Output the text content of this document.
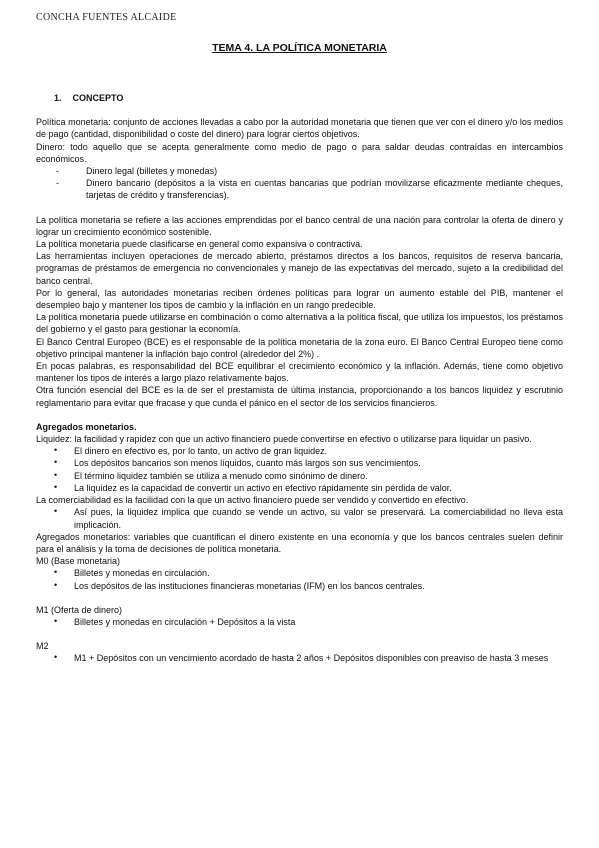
CONCHA FUENTES ALCAIDE
TEMA 4. LA POLÍTICA MONETARIA
1. CONCEPTO

Política monetaria: conjunto de acciones llevadas a cabo por la autoridad monetaria que tienen que ver con el dinero y/o los medios de pago (cantidad, disponibilidad o coste del dinero) para lograr ciertos objetivos.

Dinero: todo aquello que se acepta generalmente como medio de pago o para saldar deudas contraídas en intercambios económicos.

-	Dinero legal (billetes y monedas)
-	Dinero bancario (depósitos a la vista en cuentas bancarias que podrían movilizarse eficazmente mediante cheques, tarjetas de crédito y transferencias).

La política monetaria se refiere a las acciones emprendidas por el banco central de una nación para controlar la oferta de dinero y lograr un crecimiento económico sostenible.

La política monetaria puede clasificarse en general como expansiva o contractiva.

Las herramientas incluyen operaciones de mercado abierto, préstamos directos a los bancos, requisitos de reserva bancaria, programas de préstamos de emergencia no convencionales y manejo de las expectativas del mercado, sujeto a la credibilidad del banco central.

Por lo general, las autoridades monetarias reciben órdenes políticas para lograr un aumento estable del PIB, mantener el desempleo bajo y mantener los tipos de cambio y la inflación en un rango predecible.

La política monetaria puede utilizarse en combinación o como alternativa a la política fiscal, que utiliza los impuestos, los préstamos del gobierno y el gasto para gestionar la economía.

El Banco Central Europeo (BCE) es el responsable de la política monetaria de la zona euro. El Banco Central Europeo tiene como objetivo principal mantener la inflación bajo control (alrededor del 2%) .

En pocas palabras, es responsabilidad del BCE equilibrar el crecimiento económico y la inflación. Además, tiene como objetivo mantener los tipos de interés a largo plazo relativamente bajos.

Otra función esencial del BCE es la de ser el prestamista de última instancia, proporcionando a los bancos liquidez y escrutinio reglamentario para evitar que fracase y que cunda el pánico en el sector de los servicios financieros.

Agregados monetarios.

Liquidez: la facilidad y rapidez con que un activo financiero puede convertirse en efectivo o utilizarse para liquidar un pasivo.

• El dinero en efectivo es, por lo tanto, un activo de gran liquidez.
• Los depósitos bancarios son menos líquidos, cuanto más largos son sus vencimientos.
• El término liquidez también se utiliza a menudo como sinónimo de dinero.
• La liquidez es la capacidad de convertir un activo en efectivo rápidamente sin pérdida de valor.

La comerciabilidad es la facilidad con la que un activo financiero puede ser vendido y convertido en efectivo.

• Así pues, la liquidez implica que cuando se vende un activo, su valor se preservará. La comerciabilidad no lleva esta implicación.

Agregados monetarios: variables que cuantifican el dinero existente en una economía y que los bancos centrales suelen definir para el análisis y la toma de decisiones de política monetaria.

M0 (Base monetaria)

• Billetes y monedas en circulación.
• Los depósitos de las instituciones financieras monetarias (IFM) en los bancos centrales.

M1 (Oferta de dinero)

• Billetes y monedas en circulación + Depósitos a la vista

M2

• M1 + Depósitos con un vencimiento acordado de hasta 2 años + Depósitos disponibles con preaviso de hasta 3 meses
